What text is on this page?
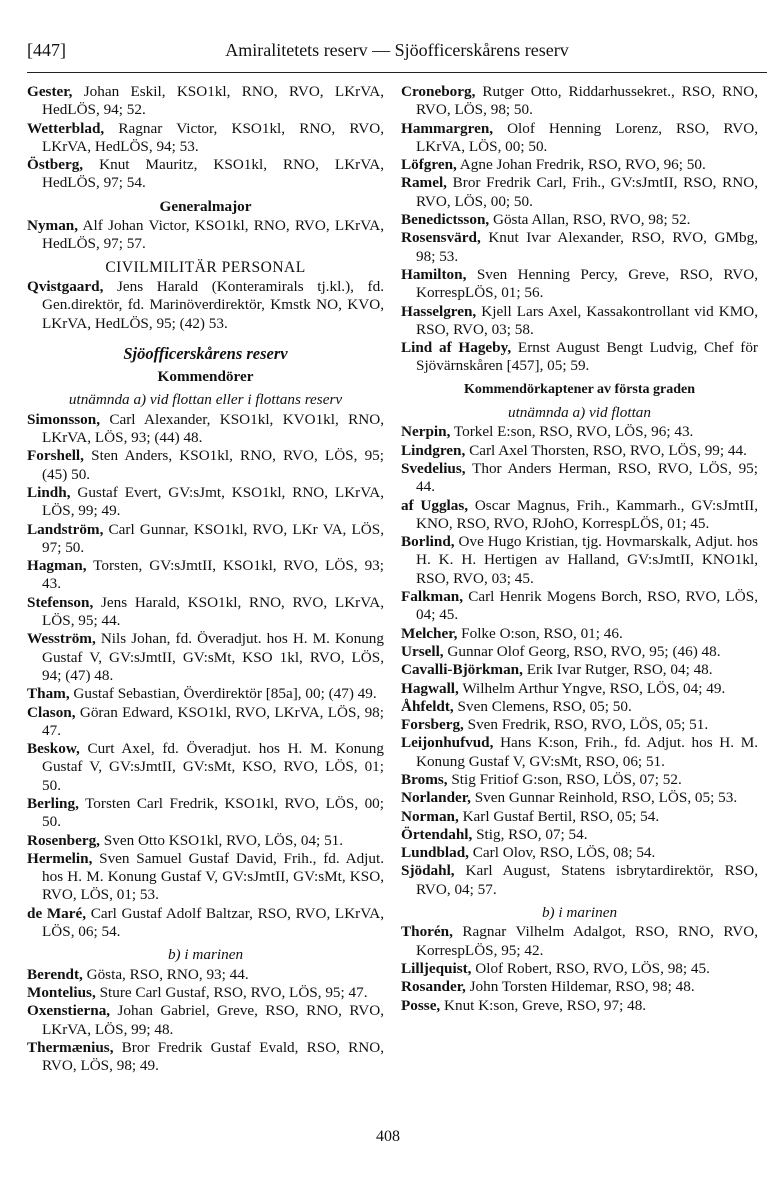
Amiralitetets reserv — Sjöofficerskårens reserv
[447]

Gester, Johan Eskil, KSO1kl, RNO, RVO, LKrVA, HedLÖS, 94; 52.

Wetterblad, Ragnar Victor, KSO1kl, RNO, RVO, LKrVA, HedLÖS, 94; 53.

Östberg, Knut Mauritz, KSO1kl, RNO, LKrVA, HedLÖS, 97; 54.

Generalmajor

Nyman, Alf Johan Victor, KSO1kl, RNO, RVO, LKrVA, HedLÖS, 97; 57.

CIVILMILITÄR PERSONAL

Qvistgaard, Jens Harald (Konteramirals tj.kl.), fd. Gen.direktör, fd. Marinöverdirektör, Kmstk NO, KVO, LKrVA, HedLÖS, 95; (42) 53.

Sjöofficerskårens reserv
Kommendörer
utnämnda a) vid flottan eller i flottans reserv

Simonsson, Carl Alexander, KSO1kl, KVO1kl, RNO, LKrVA, LÖS, 93; (44) 48.

Forshell, Sten Anders, KSO1kl, RNO, RVO, LÖS, 95; (45) 50.

Lindh, Gustaf Evert, GV:sJmt, KSO1kl, RNO, LKrVA, LÖS, 99; 49.

Landström, Carl Gunnar, KSO1kl, RVO, LKr VA, LÖS, 97; 50.

Hagman, Torsten, GV:sJmtII, KSO1kl, RVO, LÖS, 93; 43.

Stefenson, Jens Harald, KSO1kl, RNO, RVO, LKrVA, LÖS, 95; 44.

Wesström, Nils Johan, fd. Överadjut. hos H. M. Konung Gustaf V, GV:sJmtII, GV:sMt, KSO 1kl, RVO, LÖS, 94; (47) 48.

Tham, Gustaf Sebastian, Överdirektör [85a], 00; (47) 49.

Clason, Göran Edward, KSO1kl, RVO, LKrVA, LÖS, 98; 47.

Beskow, Curt Axel, fd. Överadjut. hos H. M. Konung Gustaf V, GV:sJmtII, GV:sMt, KSO, RVO, LÖS, 01; 50.

Berling, Torsten Carl Fredrik, KSO1kl, RVO, LÖS, 00; 50.

Rosenberg, Sven Otto KSO1kl, RVO, LÖS, 04; 51.

Hermelin, Sven Samuel Gustaf David, Frih., fd. Adjut. hos H. M. Konung Gustaf V, GV:sJmtII, GV:sMt, KSO, RVO, LÖS, 01; 53.

de Maré, Carl Gustaf Adolf Baltzar, RSO, RVO, LKrVA, LÖS, 06; 54.

b) i marinen

Berendt, Gösta, RSO, RNO, 93; 44.

Montelius, Sture Carl Gustaf, RSO, RVO, LÖS, 95; 47.

Oxenstierna, Johan Gabriel, Greve, RSO, RNO, RVO, LKrVA, LÖS, 99; 48.

Thermænius, Bror Fredrik Gustaf Evald, RSO, RNO, RVO, LÖS, 98; 49.

Croneborg, Rutger Otto, Riddarhussekret., RSO, RNO, RVO, LÖS, 98; 50.

Hammargren, Olof Henning Lorenz, RSO, RVO, LKrVA, LÖS, 00; 50.

Löfgren, Agne Johan Fredrik, RSO, RVO, 96; 50.

Ramel, Bror Fredrik Carl, Frih., GV:sJmtII, RSO, RNO, RVO, LÖS, 00; 50.

Benedictsson, Gösta Allan, RSO, RVO, 98; 52.

Rosensvärd, Knut Ivar Alexander, RSO, RVO, GMbg, 98; 53.

Hamilton, Sven Henning Percy, Greve, RSO, RVO, KorrespLÖS, 01; 56.

Hasselgren, Kjell Lars Axel, Kassakontrollant vid KMO, RSO, RVO, 03; 58.

Lind af Hageby, Ernst August Bengt Ludvig, Chef för Sjövärnskåren [457], 05; 59.

Kommendörkaptener av första graden
utnämnda a) vid flottan

Nerpin, Torkel E:son, RSO, RVO, LÖS, 96; 43.

Lindgren, Carl Axel Thorsten, RSO, RVO, LÖS, 99; 44.

Svedelius, Thor Anders Herman, RSO, RVO, LÖS, 95; 44.

af Ugglas, Oscar Magnus, Frih., Kammarh., GV:sJmtII, KNO, RSO, RVO, RJohO, KorrespLÖS, 01; 45.

Borlind, Ove Hugo Kristian, tjg. Hovmarskalk, Adjut. hos H. K. H. Hertigen av Halland, GV:sJmtII, KNO1kl, RSO, RVO, 03; 45.

Falkman, Carl Henrik Mogens Borch, RSO, RVO, LÖS, 04; 45.

Melcher, Folke O:son, RSO, 01; 46.

Ursell, Gunnar Olof Georg, RSO, RVO, 95; (46) 48.

Cavalli-Björkman, Erik Ivar Rutger, RSO, 04; 48.

Hagwall, Wilhelm Arthur Yngve, RSO, LÖS, 04; 49.

Åhfeldt, Sven Clemens, RSO, 05; 50.

Forsberg, Sven Fredrik, RSO, RVO, LÖS, 05; 51.

Leijonhufvud, Hans K:son, Frih., fd. Adjut. hos H. M. Konung Gustaf V, GV:sMt, RSO, 06; 51.

Broms, Stig Fritiof G:son, RSO, LÖS, 07; 52.

Norlander, Sven Gunnar Reinhold, RSO, LÖS, 05; 53.

Norman, Karl Gustaf Bertil, RSO, 05; 54.

Örtendahl, Stig, RSO, 07; 54.

Lundblad, Carl Olov, RSO, LÖS, 08; 54.

Sjödahl, Karl August, Statens isbrytardirektör, RSO, RVO, 04; 57.

b) i marinen

Thorén, Ragnar Vilhelm Adalgot, RSO, RNO, RVO, KorrespLÖS, 95; 42.

Lilljequist, Olof Robert, RSO, RVO, LÖS, 98; 45.

Rosander, John Torsten Hildemar, RSO, 98; 48.

Posse, Knut K:son, Greve, RSO, 97; 48.

408
